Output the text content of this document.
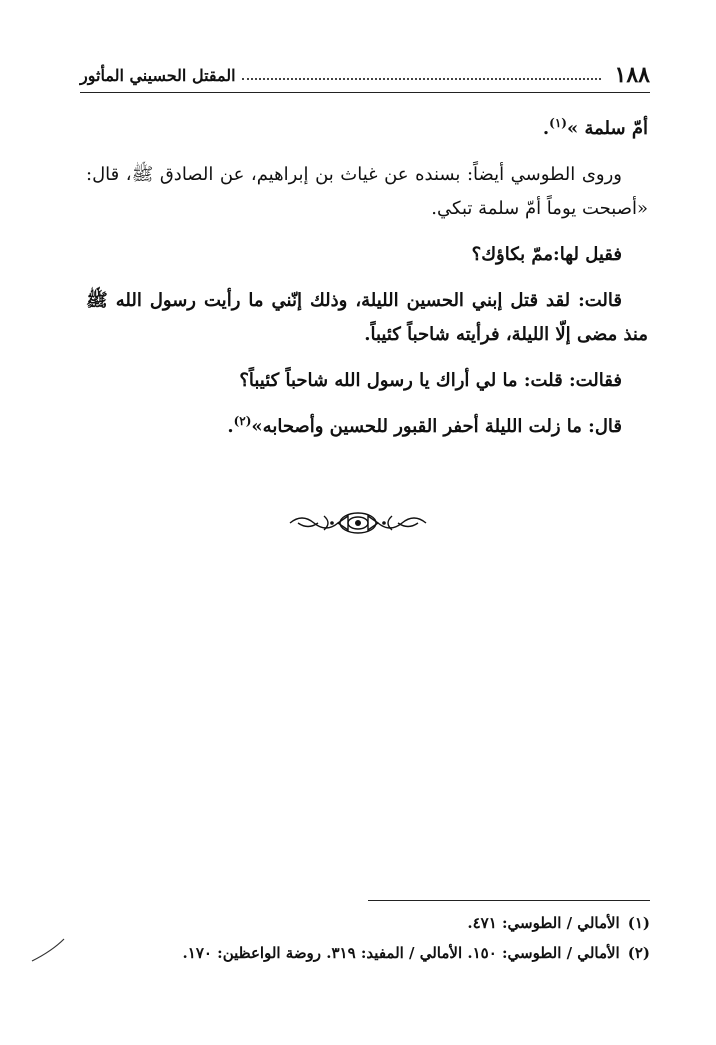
١٨٨
المقتل الحسيني المأثور

أمّ سلمة »$^{(١)}$.

وروى الطوسي أيضاً: بسنده عن غياث بن إبراهيم، عن الصادق ﷺ، قال: «أصبحت يوماً أمّ سلمة تبكي.

فقيل لها:ممّ بكاؤك؟

قالت: لقد قتل إبني الحسين الليلة، وذلك إنّني ما رأيت رسول الله ﷺ منذ مضى إلّا الليلة، فرأيته شاحباً كئيباً.

فقالت: قلت: ما لي أراك يا رسول الله شاحباً كئيباً؟

قال: ما زلت الليلة أحفر القبور للحسين وأصحابه»$^{(٢)}$.

(١)الأمالي / الطوسي: ٤٧١.
(٢)الأمالي / الطوسي: ١٥٠. الأمالي / المفيد: ٣١٩. روضة الواعظين: ١٧٠.
